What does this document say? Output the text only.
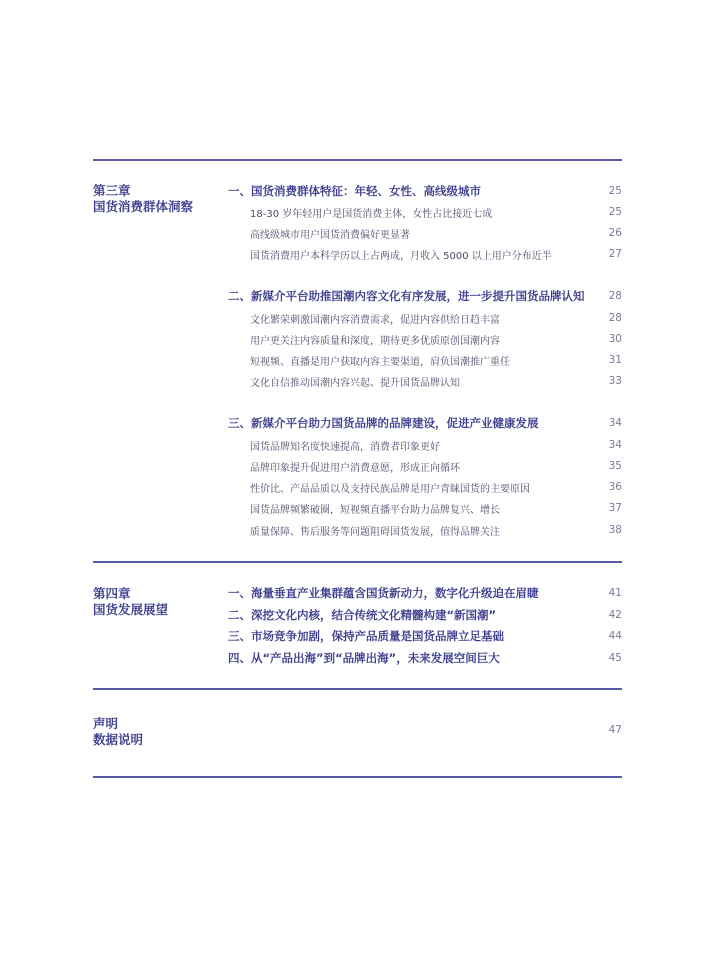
第三章
国货消费群体洞察
一、国货消费群体特征：年轻、女性、高线级城市	25
18-30 岁年轻用户是国货消费主体，女性占比接近七成	25
高线级城市用户国货消费偏好更显著	26
国货消费用户本科学历以上占两成，月收入 5000 以上用户分布近半	27
二、新媒介平台助推国潮内容文化有序发展，进一步提升国货品牌认知 28
文化繁荣刺激国潮内容消费需求，促进内容供给日趋丰富	28
用户更关注内容质量和深度，期待更多优质原创国潮内容	30
短视频、直播是用户获取内容主要渠道，肩负国潮推广重任	31
文化自信推动国潮内容兴起、提升国货品牌认知	33
三、新媒介平台助力国货品牌的品牌建设，促进产业健康发展	34
国货品牌知名度快速提高，消费者印象更好	34
品牌印象提升促进用户消费意愿，形成正向循环	35
性价比、产品品质以及支持民族品牌是用户青睐国货的主要原因	36
国货品牌频繁破圈，短视频直播平台助力品牌复兴、增长	37
质量保障、售后服务等问题阻碍国货发展，值得品牌关注	38
第四章
国货发展展望
一、海量垂直产业集群蕴含国货新动力，数字化升级迫在眉睫	41
二、深挖文化内核，结合传统文化精髓构建“新国潮”	42
三、市场竞争加剧，保持产品质量是国货品牌立足基础	44
四、从“产品出海”到“品牌出海”，未来发展空间巨大	45
声明
数据说明
47
